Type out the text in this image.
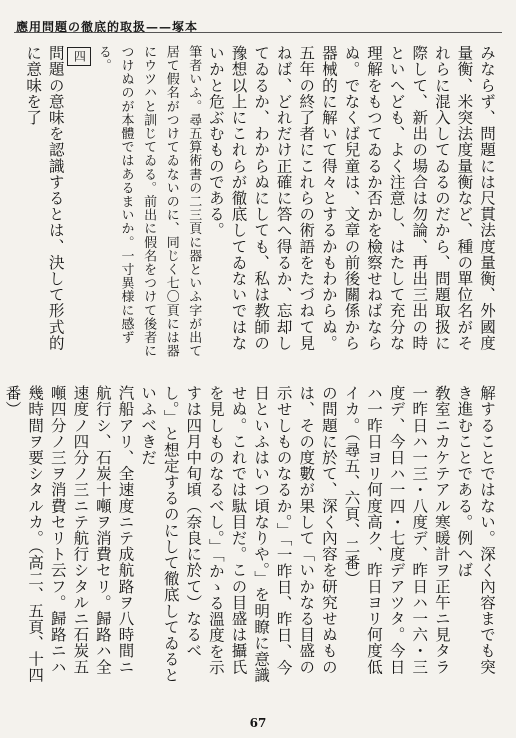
應用問題の徹底的取扱——塚本

みならず、問題には尺貫法度量衡、外國度量衡、米突法度量衡など、種の單位名がそれらに混入してゐるのだから、問題取扱に際して、新出の場合は勿論、再出三出の時といへども、よく注意し、はたして充分な理解をもつてゐるか否かを檢察せねばならぬ。でなくば兒童は、文章の前後關係から器械的に解いて得々とするかもわからぬ。

五年の終了者にこれらの術語をたづねて見ねば、どれだけ正確に答へ得るか、忘却してゐるか、わからぬにしても、私は教師の豫想以上にこれらが徹底してゐないではないかと危ぶむものである。

筆者いふ。尋五算術書の二三頁に器といふ字が出て居て假名がつけてゐないのに、同じく七〇頁には器にウツハと訓じてゐる。前出に假名をつけて後者につけぬのが本體ではあるまいか。一寸異様に感ずる。

四

問題の意味を認識するとは、決して形式的に意味を了

解することではない。深く內容までも突き進むことである。例へば

敎室ニカケテアル寒暖計ヲ正午ニ見タラ一昨日ハ一三・八度デ、昨日ハ一六・三度デ、今日ハ一四・七度デアツタ。今日ハ一昨日ヨリ何度高ク、昨日ヨリ何度低イカ。（尋五、六頁、二番）

の問題に於て、深く內容を研究せぬものは、その度數が果して「いかなる目盛の示せしものなるか。」「一昨日、昨日、今日といふはいつ頃なりや。」を明瞭に意識せぬ。これでは駄目だ。この目盛は攝氏を見しものなるべし。」「かゝる溫度を示すは四月中旬頃（奈良に於て）なるべし。」と想定するのにして徹底してゐるといふべきだ

汽船アリ、全速度ニテ成航路ヲ八時間ニ航行シ、石炭十噸ヲ消費セリ。歸路ハ全速度ノ四分ノ三ニテ航行シタルニ石炭五噸四分ノ三ヲ消費セリト云フ。歸路ニハ幾時間ヲ要シタルカ。（高二、五頁、十四番）

67
